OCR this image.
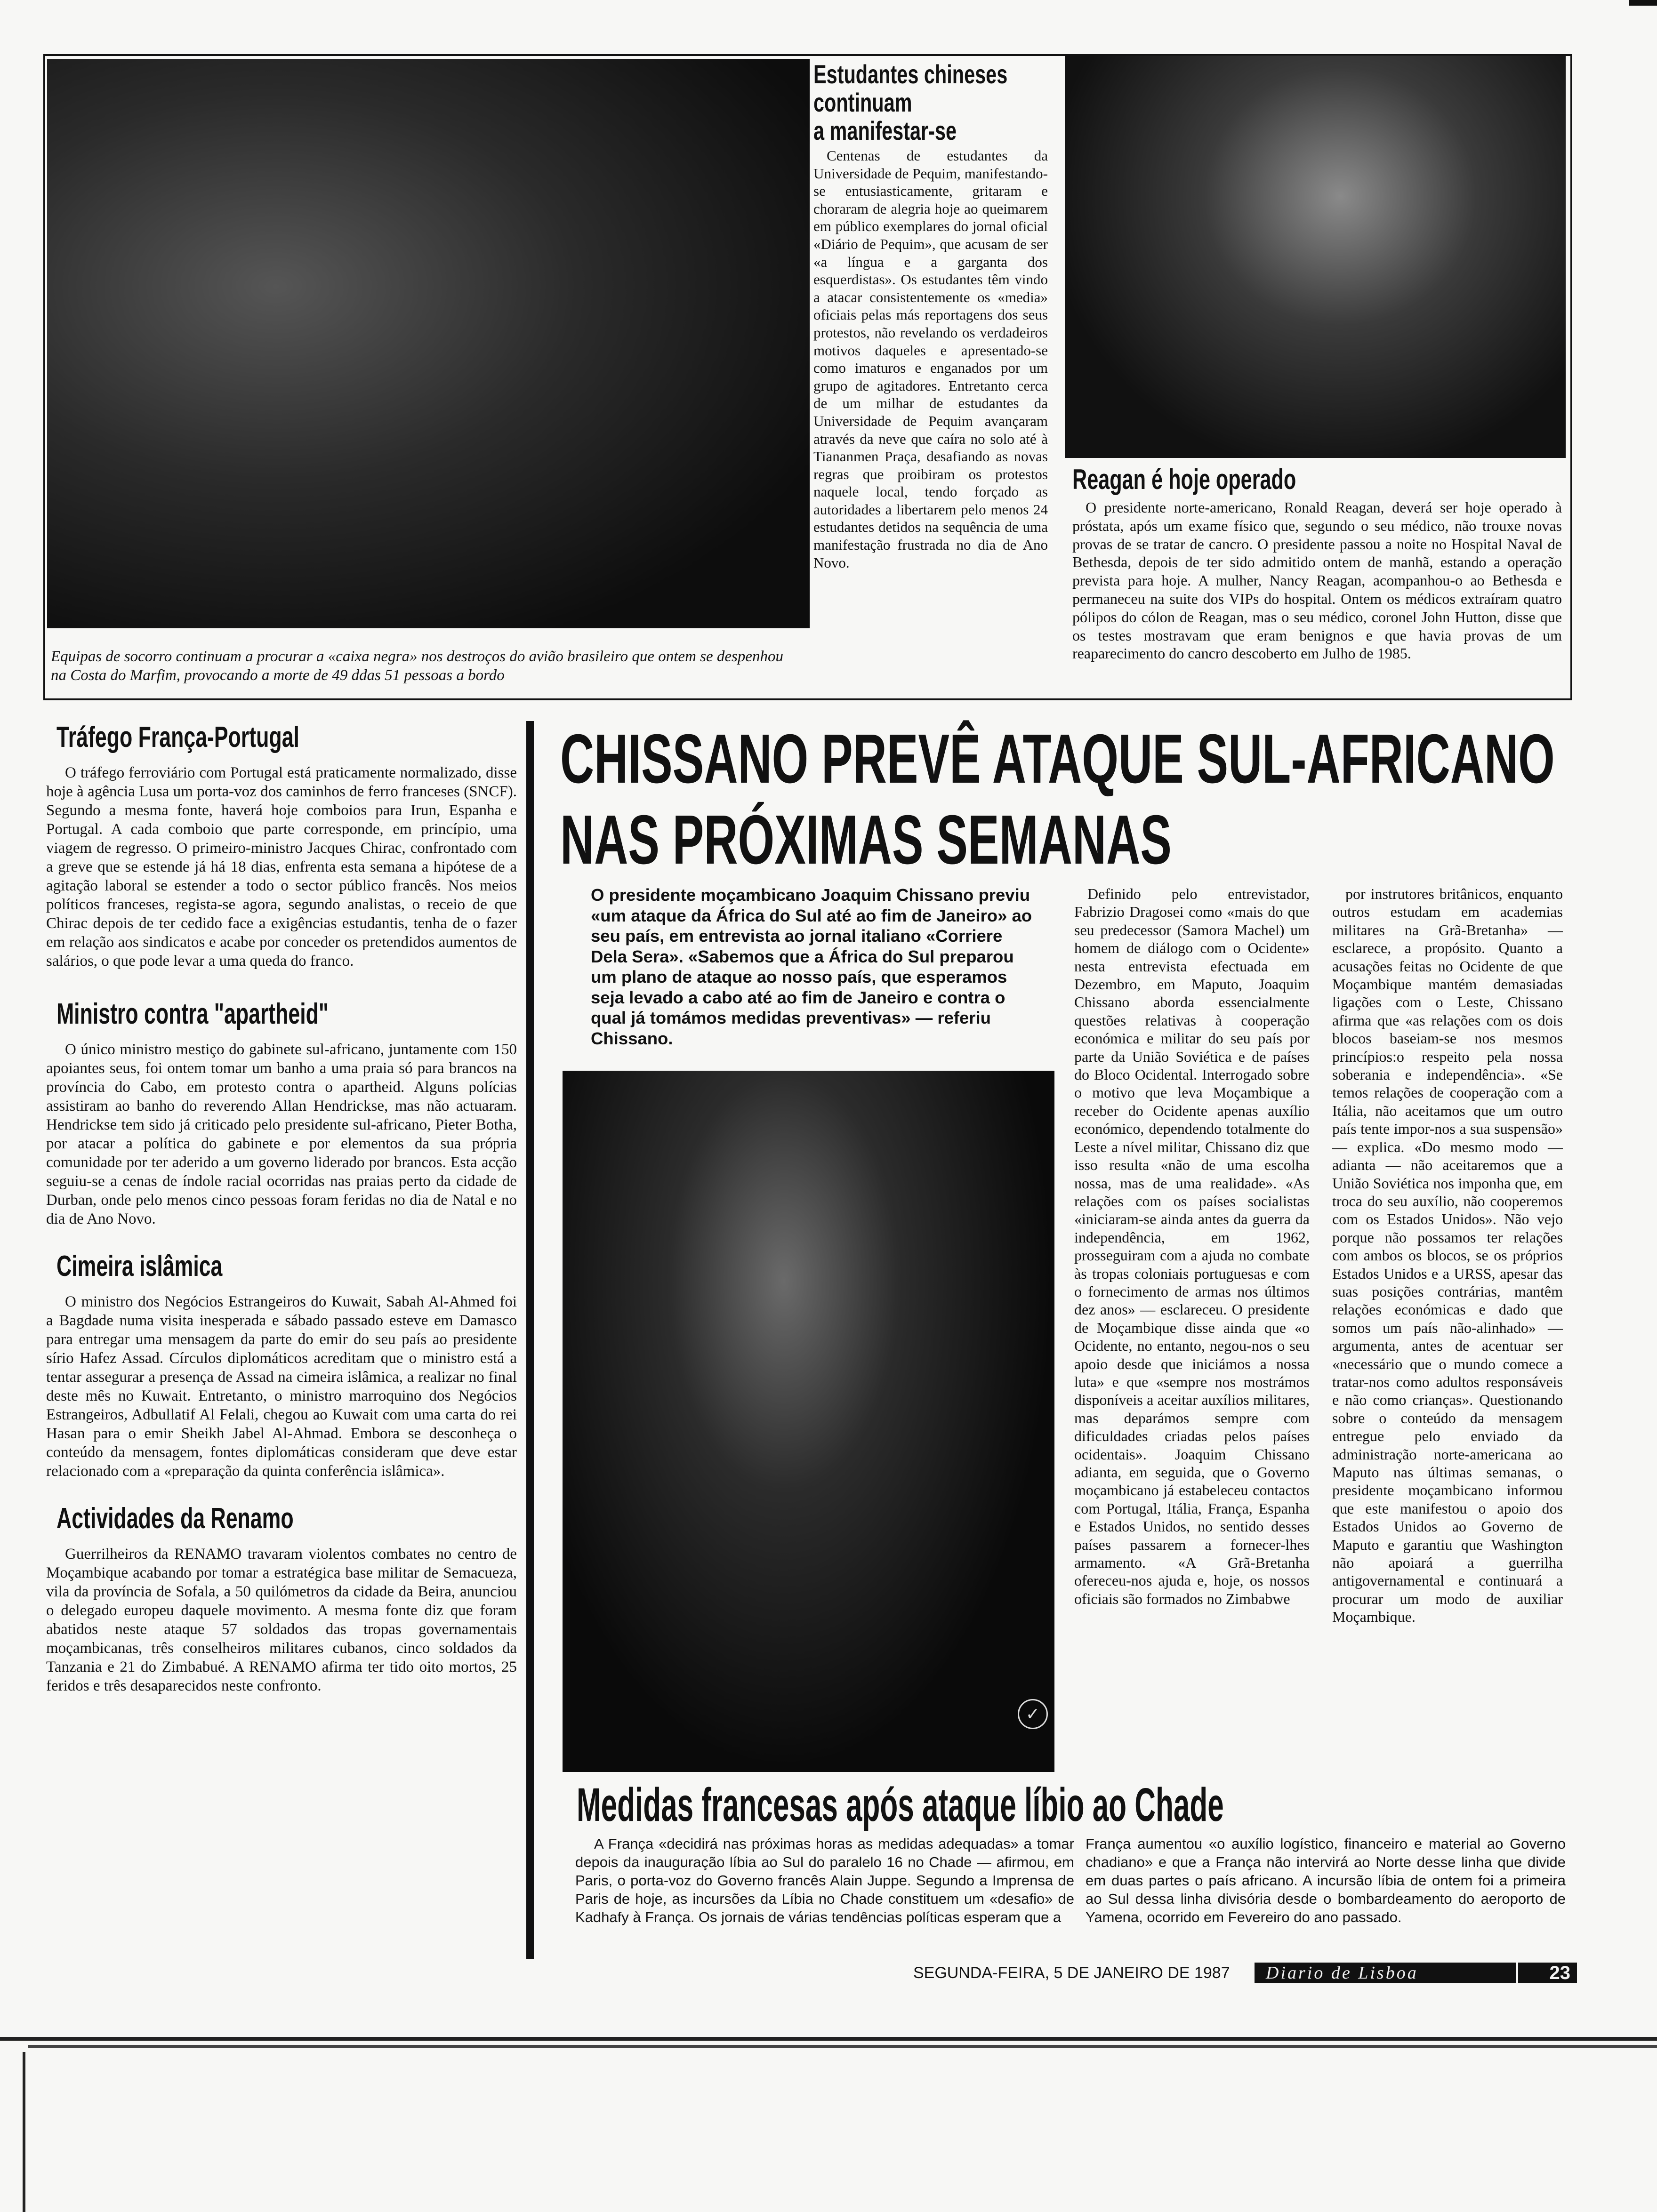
Equipas de socorro continuam a procurar a «caixa negra» nos destroços do avião brasileiro que ontem se despenhou na Costa do Marfim, provocando a morte de 49 ddas 51 pessoas a bordo

Estudantes chineses
continuam
a manifestar-se

Centenas de estudantes da Universidade de Pequim, manifestando-se entusiasticamente, gritaram e choraram de alegria hoje ao queimarem em público exemplares do jornal oficial «Diário de Pequim», que acusam de ser «a língua e a garganta dos esquerdistas». Os estudantes têm vindo a atacar consistentemente os «media» oficiais pelas más reportagens dos seus protestos, não revelando os verdadeiros motivos daqueles e apresentado-se como imaturos e enganados por um grupo de agitadores. Entretanto cerca de um milhar de estudantes da Universidade de Pequim avançaram através da neve que caíra no solo até à Tiananmen Praça, desafiando as novas regras que proibiram os protestos naquele local, tendo forçado as autoridades a libertarem pelo menos 24 estudantes detidos na sequência de uma manifestação frustrada no dia de Ano Novo.

Reagan é hoje operado

O presidente norte-americano, Ronald Reagan, deverá ser hoje operado à próstata, após um exame físico que, segundo o seu médico, não trouxe novas provas de se tratar de cancro. O presidente passou a noite no Hospital Naval de Bethesda, depois de ter sido admitido ontem de manhã, estando a operação prevista para hoje. A mulher, Nancy Reagan, acompanhou-o ao Bethesda e permaneceu na suite dos VIPs do hospital. Ontem os médicos extraíram quatro pólipos do cólon de Reagan, mas o seu médico, coronel John Hutton, disse que os testes mostravam que eram benignos e que havia provas de um reaparecimento do cancro descoberto em Julho de 1985.

Tráfego França-Portugal

O tráfego ferroviário com Portugal está praticamente normalizado, disse hoje à agência Lusa um porta-voz dos caminhos de ferro franceses (SNCF). Segundo a mesma fonte, haverá hoje comboios para Irun, Espanha e Portugal. A cada comboio que parte corresponde, em princípio, uma viagem de regresso. O primeiro-ministro Jacques Chirac, confrontado com a greve que se estende já há 18 dias, enfrenta esta semana a hipótese de a agitação laboral se estender a todo o sector público francês. Nos meios políticos franceses, regista-se agora, segundo analistas, o receio de que Chirac depois de ter cedido face a exigências estudantis, tenha de o fazer em relação aos sindicatos e acabe por conceder os pretendidos aumentos de salários, o que pode levar a uma queda do franco.

Ministro contra "apartheid"

O único ministro mestiço do gabinete sul-africano, juntamente com 150 apoiantes seus, foi ontem tomar um banho a uma praia só para brancos na província do Cabo, em protesto contra o apartheid. Alguns polícias assistiram ao banho do reverendo Allan Hendrickse, mas não actuaram. Hendrickse tem sido já criticado pelo presidente sul-africano, Pieter Botha, por atacar a política do gabinete e por elementos da sua própria comunidade por ter aderido a um governo liderado por brancos. Esta acção seguiu-se a cenas de índole racial ocorridas nas praias perto da cidade de Durban, onde pelo menos cinco pessoas foram feridas no dia de Natal e no dia de Ano Novo.

Cimeira islâmica

O ministro dos Negócios Estrangeiros do Kuwait, Sabah Al-Ahmed foi a Bagdade numa visita inesperada e sábado passado esteve em Damasco para entregar uma mensagem da parte do emir do seu país ao presidente sírio Hafez Assad. Círculos diplomáticos acreditam que o ministro está a tentar assegurar a presença de Assad na cimeira islâmica, a realizar no final deste mês no Kuwait. Entretanto, o ministro marroquino dos Negócios Estrangeiros, Adbullatif Al Felali, chegou ao Kuwait com uma carta do rei Hasan para o emir Sheikh Jabel Al-Ahmad. Embora se desconheça o conteúdo da mensagem, fontes diplomáticas consideram que deve estar relacionado com a «preparação da quinta conferência islâmica».

Actividades da Renamo

Guerrilheiros da RENAMO travaram violentos combates no centro de Moçambique acabando por tomar a estratégica base militar de Semacueza, vila da província de Sofala, a 50 quilómetros da cidade da Beira, anunciou o delegado europeu daquele movimento. A mesma fonte diz que foram abatidos neste ataque 57 soldados das tropas governamentais moçambicanas, três conselheiros militares cubanos, cinco soldados da Tanzania e 21 do Zimbabué. A RENAMO afirma ter tido oito mortos, 25 feridos e três desaparecidos neste confronto.

CHISSANO PREVÊ ATAQUE SUL-AFRICANO
NAS PRÓXIMAS SEMANAS

O presidente moçambicano Joaquim Chissano previu «um ataque da África do Sul até ao fim de Janeiro» ao seu país, em entrevista ao jornal italiano «Corriere Dela Sera». «Sabemos que a África do Sul preparou um plano de ataque ao nosso país, que esperamos seja levado a cabo até ao fim de Janeiro e contra o qual já tomámos medidas preventivas» — referiu Chissano.

✓

Definido pelo entrevistador, Fabrizio Dragosei como «mais do que seu predecessor (Samora Machel) um homem de diálogo com o Ocidente» nesta entrevista efectuada em Dezembro, em Maputo, Joaquim Chissano aborda essencialmente questões relativas à cooperação económica e militar do seu país por parte da União Soviética e de países do Bloco Ocidental. Interrogado sobre o motivo que leva Moçambique a receber do Ocidente apenas auxílio económico, dependendo totalmente do Leste a nível militar, Chissano diz que isso resulta «não de uma escolha nossa, mas de uma realidade». «As relações com os países socialistas «iniciaram-se ainda antes da guerra da independência, em 1962, prosseguiram com a ajuda no combate às tropas coloniais portuguesas e com o fornecimento de armas nos últimos dez anos» — esclareceu. O presidente de Moçambique disse ainda que «o Ocidente, no entanto, negou-nos o seu apoio desde que iniciámos a nossa luta» e que «sempre nos mostrámos disponíveis a aceitar auxílios militares, mas deparámos sempre com dificuldades criadas pelos países ocidentais». Joaquim Chissano adianta, em seguida, que o Governo moçambicano já estabeleceu contactos com Portugal, Itália, França, Espanha e Estados Unidos, no sentido desses países passarem a fornecer-lhes armamento. «A Grã-Bretanha ofereceu-nos ajuda e, hoje, os nossos oficiais são formados no Zimbabwe

por instrutores britânicos, enquanto outros estudam em academias militares na Grã-Bretanha» — esclarece, a propósito. Quanto a acusações feitas no Ocidente de que Moçambique mantém demasiadas ligações com o Leste, Chissano afirma que «as relações com os dois blocos baseiam-se nos mesmos princípios:o respeito pela nossa soberania e independência». «Se temos relações de cooperação com a Itália, não aceitamos que um outro país tente impor-nos a sua suspensão» — explica. «Do mesmo modo — adianta — não aceitaremos que a União Soviética nos imponha que, em troca do seu auxílio, não cooperemos com os Estados Unidos». Não vejo porque não possamos ter relações com ambos os blocos, se os próprios Estados Unidos e a URSS, apesar das suas posições contrárias, mantêm relações económicas e dado que somos um país não-alinhado» — argumenta, antes de acentuar ser «necessário que o mundo comece a tratar-nos como adultos responsáveis e não como crianças». Questionando sobre o conteúdo da mensagem entregue pelo enviado da administração norte-americana ao Maputo nas últimas semanas, o presidente moçambicano informou que este manifestou o apoio dos Estados Unidos ao Governo de Maputo e garantiu que Washington não apoiará a guerrilha antigovernamental e continuará a procurar um modo de auxiliar Moçambique.

Medidas francesas após ataque líbio ao Chade

A França «decidirá nas próximas horas as medidas adequadas» a tomar depois da inauguração líbia ao Sul do paralelo 16 no Chade — afirmou, em Paris, o porta-voz do Governo francês Alain Juppe. Segundo a Imprensa de Paris de hoje, as incursões da Líbia no Chade constituem um «desafio» de Kadhafy à França. Os jornais de várias tendências políticas esperam que a

França aumentou «o auxílio logístico, financeiro e material ao Governo chadiano» e que a França não intervirá ao Norte desse linha que divide em duas partes o país africano. A incursão líbia de ontem foi a primeira ao Sul dessa linha divisória desde o bombardeamento do aeroporto de Yamena, ocorrido em Fevereiro do ano passado.

SEGUNDA-FEIRA, 5 DE JANEIRO DE 1987	Diario de Lisboa	23
